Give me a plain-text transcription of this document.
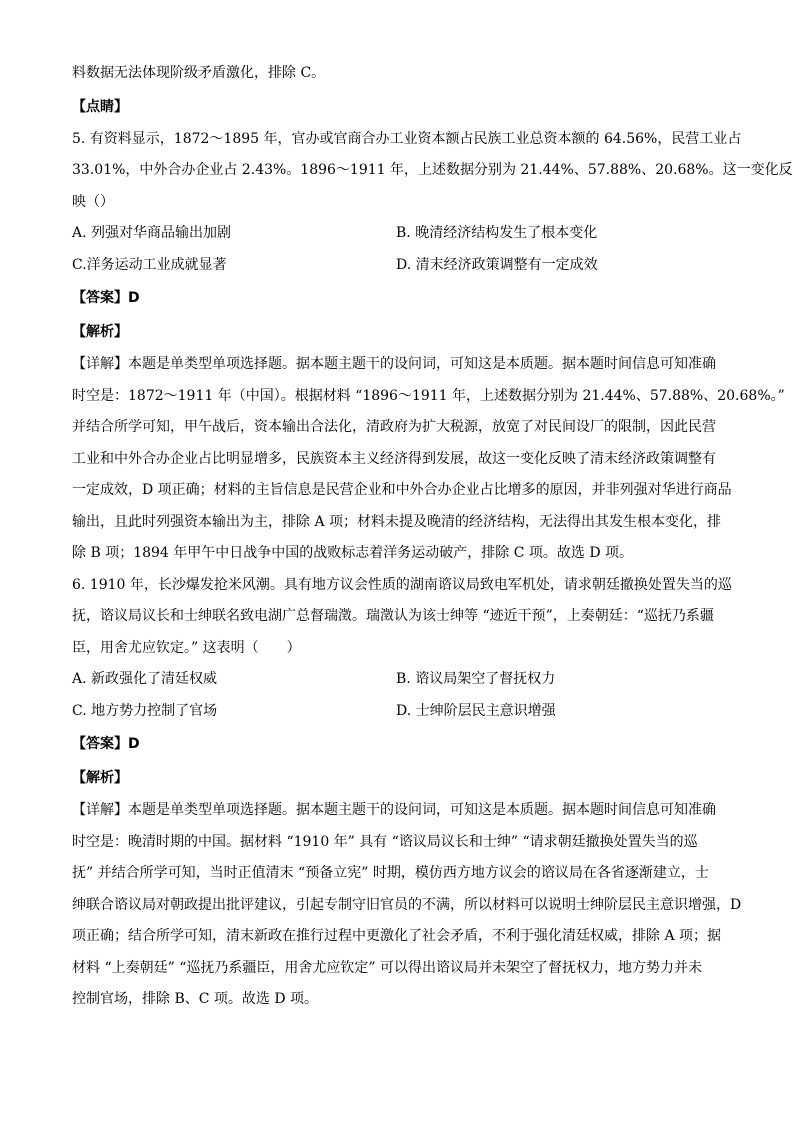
料数据无法体现阶级矛盾激化，排除 C。
【点睛】
5. 有资料显示，1872～1895 年，官办或官商合办工业资本额占民族工业总资本额的 64.56%，民营工业占
33.01%，中外合办企业占 2.43%。1896～1911 年，上述数据分别为 21.44%、57.88%、20.68%。这一变化反
映（）
A. 列强对华商品输出加剧	B. 晚清经济结构发生了根本变化
C.洋务运动工业成就显著	D. 清末经济政策调整有一定成效
【答案】D
【解析】
【详解】本题是单类型单项选择题。据本题主题干的设问词，可知这是本质题。据本题时间信息可知准确
时空是：1872～1911 年（中国）。根据材料 “1896～1911 年，上述数据分别为 21.44%、57.88%、20.68%。”
并结合所学可知，甲午战后，资本输出合法化，清政府为扩大税源，放宽了对民间设厂的限制，因此民营
工业和中外合办企业占比明显增多，民族资本主义经济得到发展，故这一变化反映了清末经济政策调整有
一定成效，D 项正确；材料的主旨信息是民营企业和中外合办企业占比增多的原因，并非列强对华进行商品
输出，且此时列强资本输出为主，排除 A 项；材料未提及晚清的经济结构，无法得出其发生根本变化，排
除 B 项；1894 年甲午中日战争中国的战败标志着洋务运动破产，排除 C 项。故选 D 项。
6. 1910 年，长沙爆发抢米风潮。具有地方议会性质的湖南谘议局致电军机处，请求朝廷撤换处置失当的巡
抚，谘议局议长和士绅联名致电湖广总督瑞澂。瑞澂认为该士绅等 “迹近干预”，上奏朝廷：“巡抚乃系疆
臣，用舍尤应钦定。” 这表明（　　）
A. 新政强化了清廷权威	B. 谘议局架空了督抚权力
C. 地方势力控制了官场	D. 士绅阶层民主意识增强
【答案】D
【解析】
【详解】本题是单类型单项选择题。据本题主题干的设问词，可知这是本质题。据本题时间信息可知准确
时空是：晚清时期的中国。据材料 “1910 年” 具有 “谘议局议长和士绅” “请求朝廷撤换处置失当的巡
抚” 并结合所学可知，当时正值清末 “预备立宪” 时期，模仿西方地方议会的谘议局在各省逐渐建立，士
绅联合谘议局对朝政提出批评建议，引起专制守旧官员的不满，所以材料可以说明士绅阶层民主意识增强，D
项正确；结合所学可知，清末新政在推行过程中更激化了社会矛盾，不利于强化清廷权威，排除 A 项；据
材料 “上奏朝廷” “巡抚乃系疆臣，用舍尤应钦定” 可以得出谘议局并未架空了督抚权力，地方势力并未
控制官场，排除 B、C 项。故选 D 项。
